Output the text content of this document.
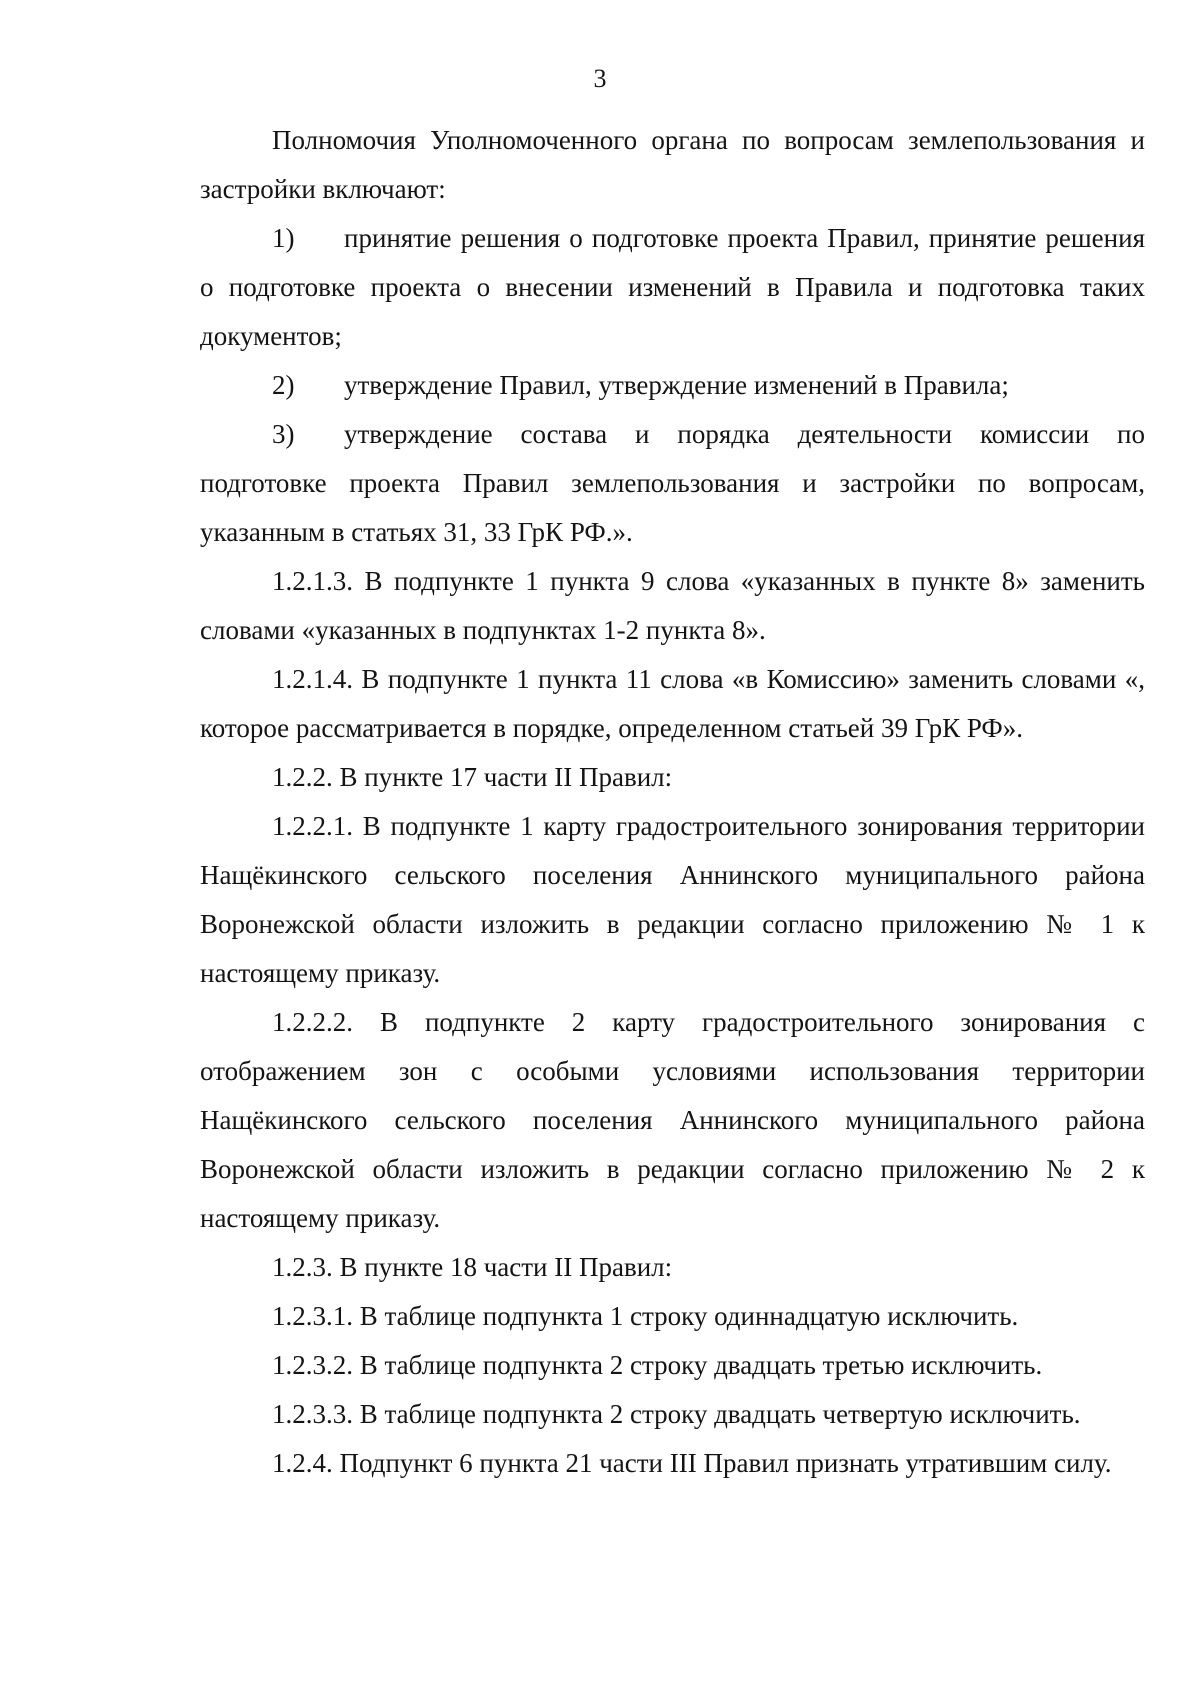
3

Полномочия Уполномоченного органа по вопросам землепользования и застройки включают:

1) принятие решения о подготовке проекта Правил, принятие решения о подготовке проекта о внесении изменений в Правила и подготовка таких документов;

2) утверждение Правил, утверждение изменений в Правила;

3) утверждение состава и порядка деятельности комиссии по подготовке проекта Правил землепользования и застройки по вопросам, указанным в статьях 31, 33 ГрК РФ.».

1.2.1.3. В подпункте 1 пункта 9 слова «указанных в пункте 8» заменить словами «указанных в подпунктах 1-2 пункта 8».

1.2.1.4. В подпункте 1 пункта 11 слова «в Комиссию» заменить словами «, которое рассматривается в порядке, определенном статьей 39 ГрК РФ».

1.2.2. В пункте 17 части II Правил:

1.2.2.1. В подпункте 1 карту градостроительного зонирования территории Нащёкинского сельского поселения Аннинского муниципального района Воронежской области изложить в редакции согласно приложению № 1 к настоящему приказу.

1.2.2.2. В подпункте 2 карту градостроительного зонирования с отображением зон с особыми условиями использования территории Нащёкинского сельского поселения Аннинского муниципального района Воронежской области изложить в редакции согласно приложению № 2 к настоящему приказу.

1.2.3. В пункте 18 части II Правил:

1.2.3.1. В таблице подпункта 1 строку одиннадцатую исключить.

1.2.3.2. В таблице подпункта 2 строку двадцать третью исключить.

1.2.3.3. В таблице подпункта 2 строку двадцать четвертую исключить.

1.2.4. Подпункт 6 пункта 21 части III Правил признать утратившим силу.
